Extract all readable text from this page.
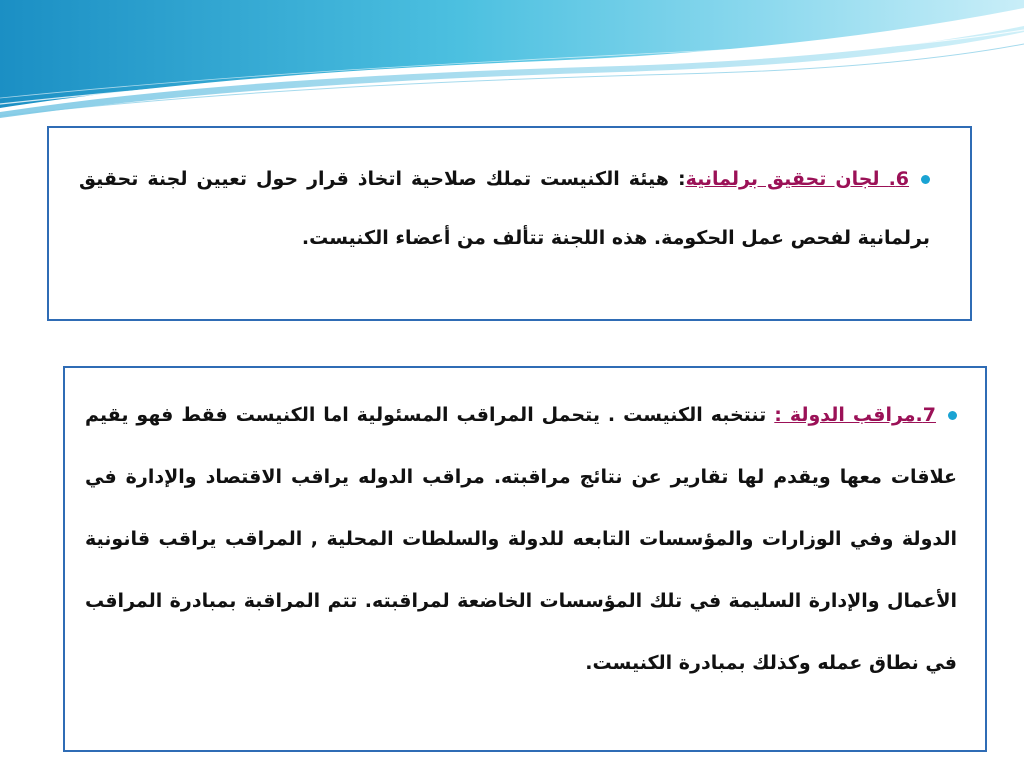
6. لجان تحقيق برلمانية: هيئة الكنيست تملك صلاحية اتخاذ قرار حول تعيين لجنة تحقيق برلمانية لفحص عمل الحكومة. هذه اللجنة تتألف من أعضاء الكنيست.
7.مراقب الدولة : تنتخبه الكنيست . يتحمل المراقب المسئولية اما الكنيست فقط فهو يقيم علاقات معها ويقدم لها تقارير عن نتائج مراقبته. مراقب الدوله يراقب الاقتصاد والإدارة في الدولة وفي الوزارات والمؤسسات التابعه للدولة والسلطات المحلية , المراقب يراقب قانونية الأعمال والإدارة السليمة في تلك المؤسسات الخاضعة لمراقبته. تتم المراقبة بمبادرة المراقب في نطاق عمله وكذلك بمبادرة الكنيست.
